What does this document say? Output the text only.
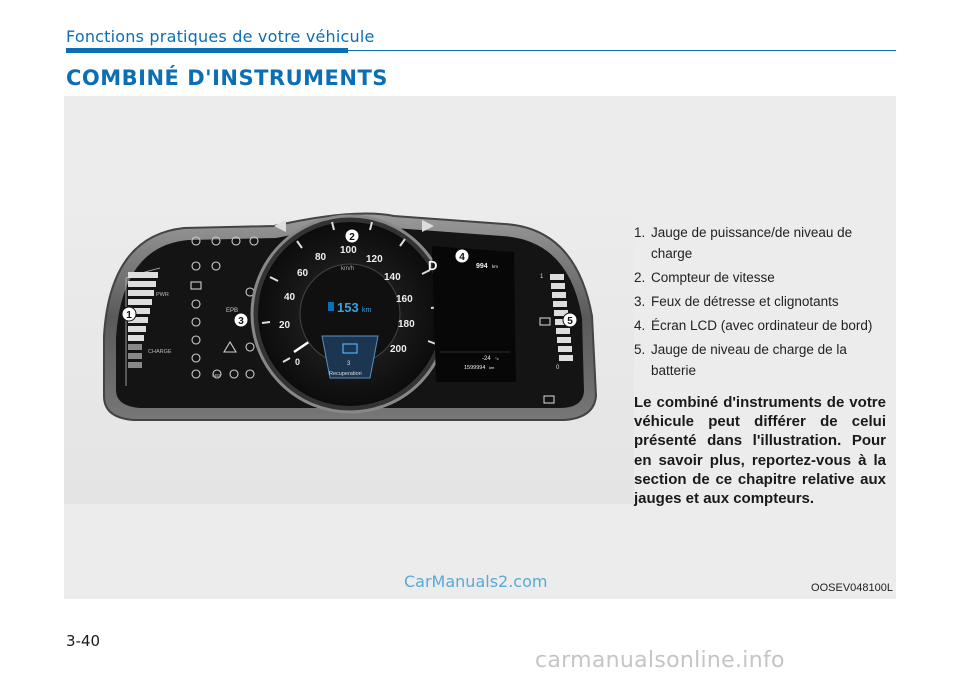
Fonctions pratiques de votre véhicule
COMBINÉ D'INSTRUMENTS
PWR
CHARGE
EPB
ABS
0
20
40
60
80
100
120
140
160
180
200
km/h
153 km
3
Recuperation
D	994 km
-24 °c
1599994 km
1
0
1
2
3
4
5
1. Jauge de puissance/de niveau de charge
2. Compteur de vitesse
3. Feux de détresse et clignotants
4. Écran LCD (avec ordinateur de bord)
5. Jauge de niveau de charge de la batterie
Le combiné d'instruments de votre véhicule peut différer de celui présenté dans l'illustration. Pour en savoir plus, reportez-vous à la section de ce chapitre relative aux jauges et aux compteurs.
CarManuals2.com	OOSEV048100L
3-40
carmanualsonline.info
